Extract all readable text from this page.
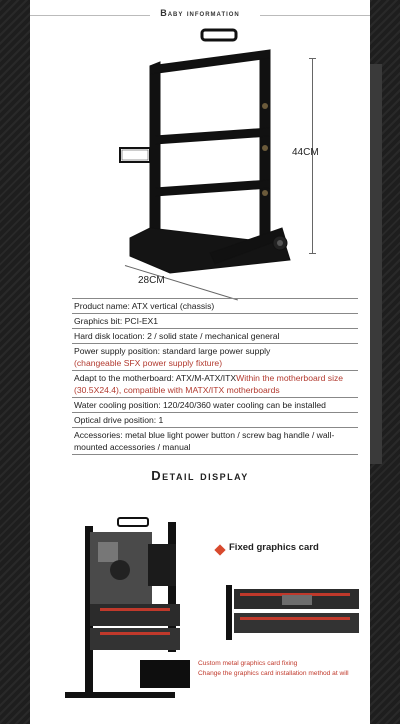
Baby information
44CM
28CM
Product name: ATX vertical (chassis)
Graphics bit: PCI-EX1
Hard disk location: 2 / solid state / mechanical general
Power supply position: standard large power supply
(changeable SFX power supply fixture)
Adapt to the motherboard: ATX/M-ATX/ITXWithin the motherboard size (30.5X24.4), compatible with MATX/ITX motherboards
Water cooling position: 120/240/360 water cooling can be installed
Optical drive position: 1
Accessories: metal blue light power button / screw bag handle / wall-mounted accessories / manual
Detail display
Fixed graphics card
Custom metal graphics card fixing
Change the graphics card installation method at will
